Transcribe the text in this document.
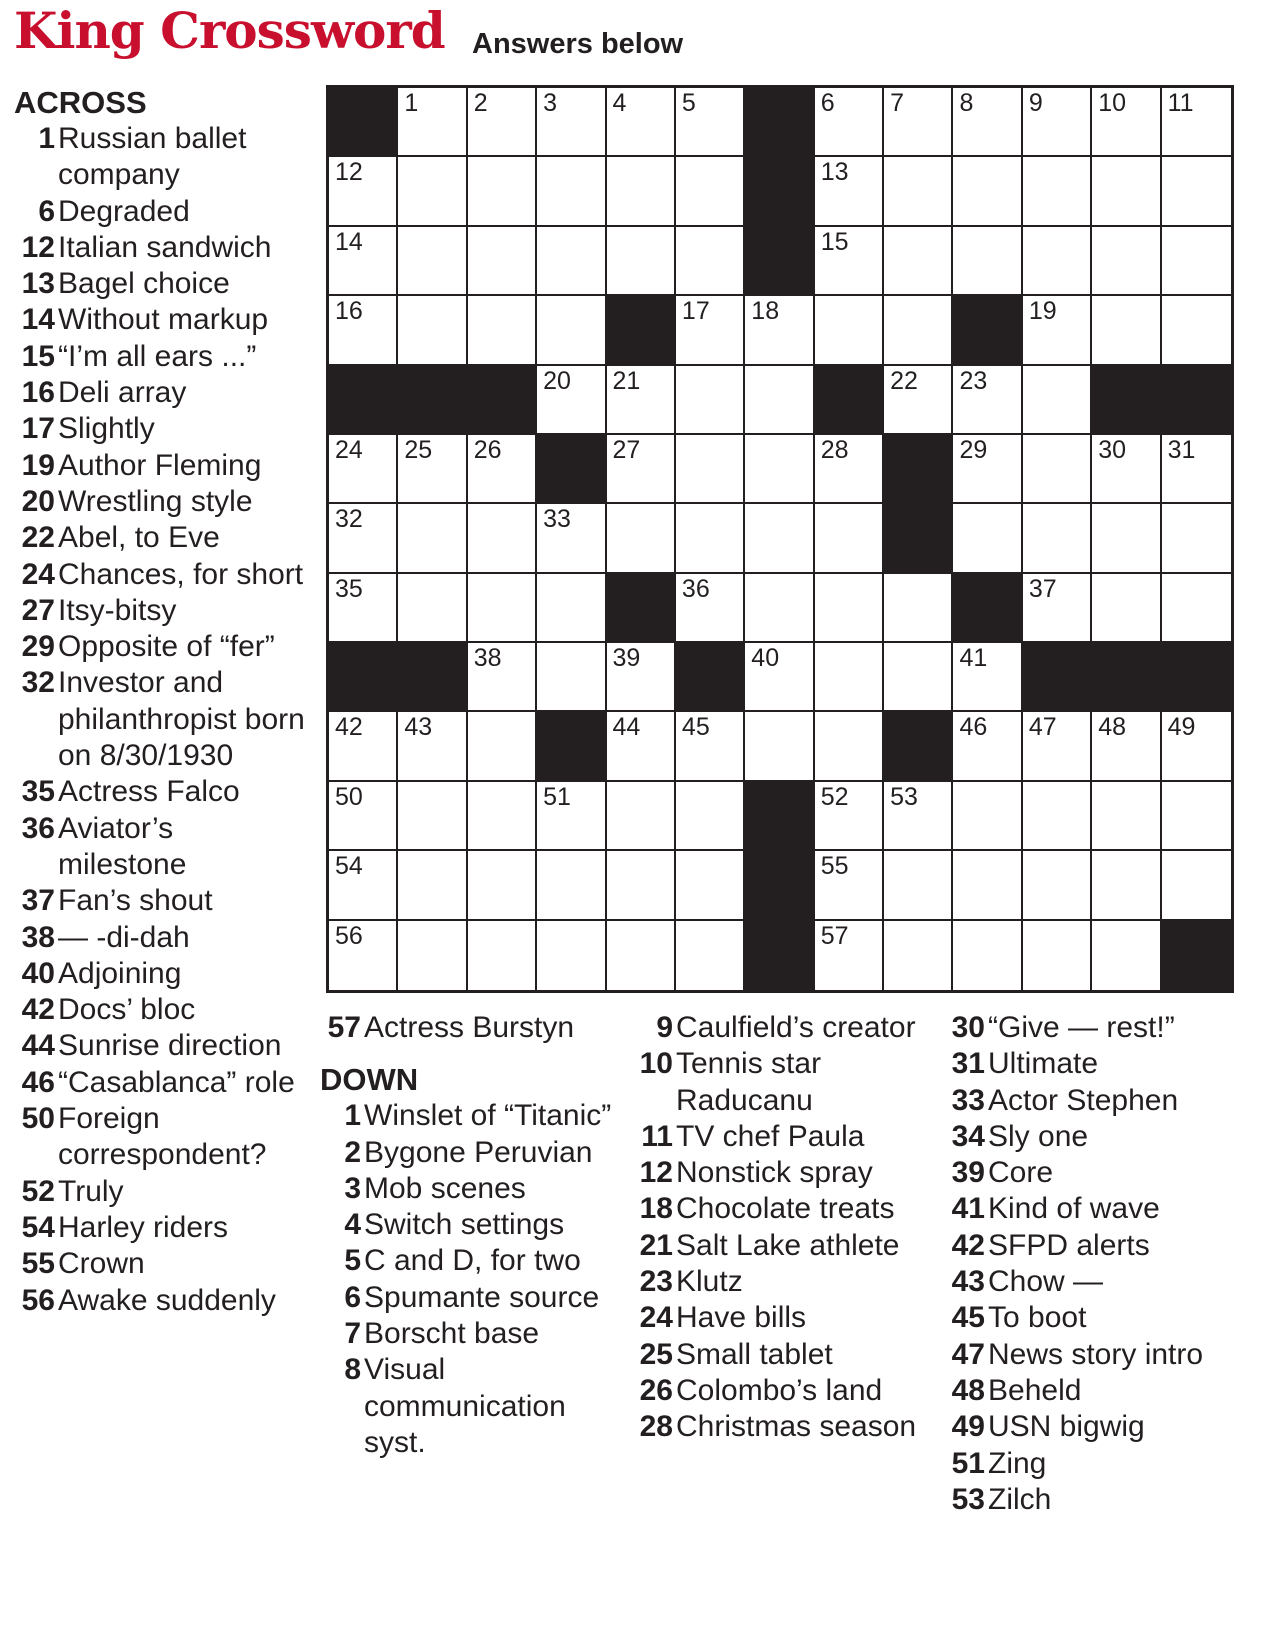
King Crossword Answers below
1 2 3 4 5	6 7 8 9 10 11
12	13
14	15
16	17 18	19
20 21	22 23
24 25 26	27	28	29	30 31
32	33
35	36	37
38	39	40	41
42 43	44 45	46 47 48 49
50	51	52 53
54	55
56	57
ACROSS
1 Russian ballet company
6 Degraded
12 Italian sandwich
13 Bagel choice
14 Without markup
15 “I’m all ears ...”
16 Deli array
17 Slightly
19 Author Fleming
20 Wrestling style
22 Abel, to Eve
24 Chances, for short
27 Itsy-bitsy
29 Opposite of “fer”
32 Investor and philanthropist born on 8/30/1930
35 Actress Falco
36 Aviator’s milestone
37 Fan’s shout
38 — -di-dah
40 Adjoining
42 Docs’ bloc
44 Sunrise direction
46 “Casablanca” role
50 Foreign correspondent?
52 Truly
54 Harley riders
55 Crown
56 Awake suddenly
57 Actress Burstyn
DOWN
1 Winslet of “Titanic”
2 Bygone Peruvian
3 Mob scenes
4 Switch settings
5 C and D, for two
6 Spumante source
7 Borscht base
8 Visual communication syst.
9 Caulfield’s creator
10 Tennis star Raducanu
11 TV chef Paula
12 Nonstick spray
18 Chocolate treats
21 Salt Lake athlete
23 Klutz
24 Have bills
25 Small tablet
26 Colombo’s land
28 Christmas season
30 “Give — rest!”
31 Ultimate
33 Actor Stephen
34 Sly one
39 Core
41 Kind of wave
42 SFPD alerts
43 Chow —
45 To boot
47 News story intro
48 Beheld
49 USN bigwig
51 Zing
53 Zilch
